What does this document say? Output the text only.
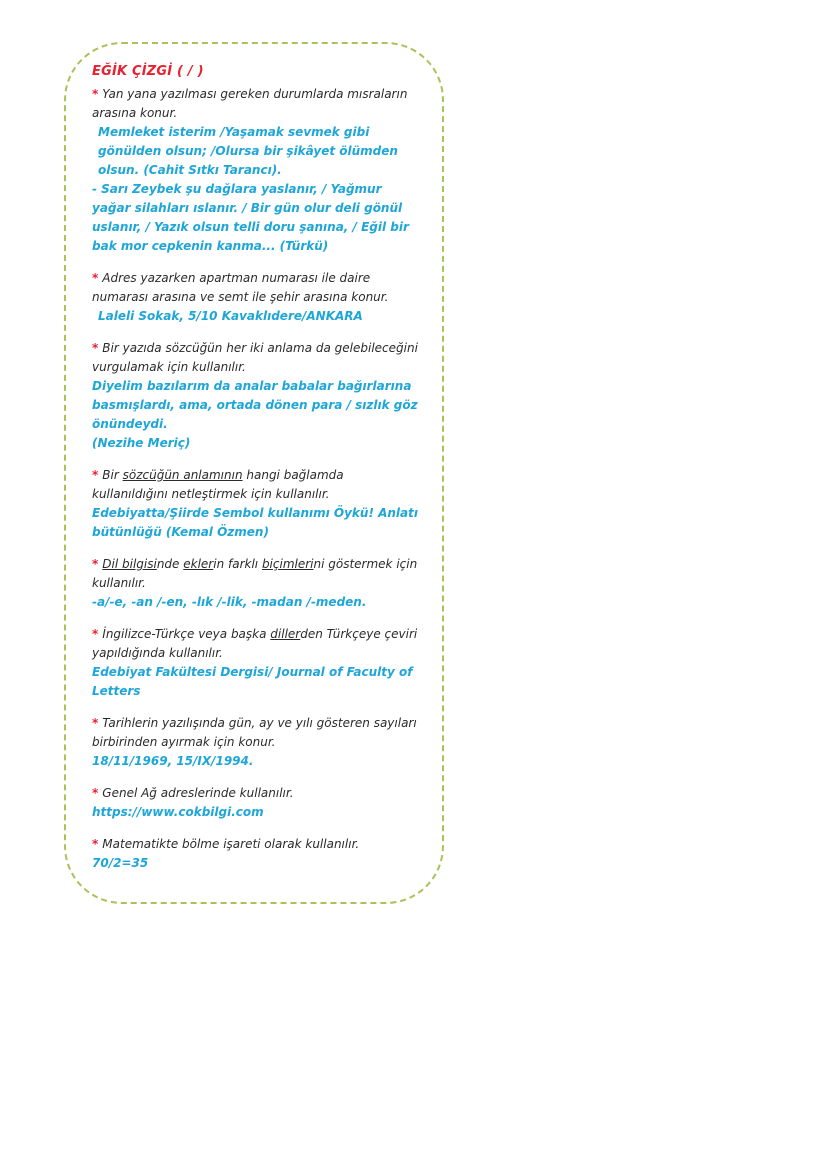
EĞİK ÇİZGİ ( / )
* Yan yana yazılması gereken durumlarda mısraların arasına konur.
Memleket isterim /Yaşamak sevmek gibi gönülden olsun; /Olursa bir şikâyet ölümden olsun. (Cahit Sıtkı Tarancı).
- Sarı Zeybek şu dağlara yaslanır, / Yağmur yağar silahları ıslanır. / Bir gün olur deli gönül uslanır, / Yazık olsun telli doru şanına, / Eğil bir bak mor cepkenin kanma... (Türkü)
* Adres yazarken apartman numarası ile daire numarası arasına ve semt ile şehir arasına konur.
Laleli Sokak, 5/10 Kavaklıdere/ANKARA
* Bir yazıda sözcüğün her iki anlama da gelebileceğini vurgulamak için kullanılır.
Diyelim bazılarım da analar babalar bağırlarına basmışlardı, ama, ortada dönen para / sızlık göz önündeydi.
(Nezihe Meriç)
* Bir sözcüğün anlamının hangi bağlamda kullanıldığını netleştirmek için kullanılır.
Edebiyatta/Şiirde Sembol kullanımı Öykü! Anlatı bütünlüğü (Kemal Özmen)
* Dil bilgisinde eklerin farklı biçimlerini göstermek için kullanılır.
-a/-e, -an /-en, -lık /-lik, -madan /-meden.
* İngilizce-Türkçe veya başka dillerden Türkçeye çeviri yapıldığında kullanılır.
Edebiyat Fakültesi Dergisi/ Journal of Faculty of Letters
* Tarihlerin yazılışında gün, ay ve yılı gösteren sayıları birbirinden ayırmak için konur.
18/11/1969, 15/IX/1994.
* Genel Ağ adreslerinde kullanılır.
https://www.cokbilgi.com
* Matematikte bölme işareti olarak kullanılır.
70/2=35
